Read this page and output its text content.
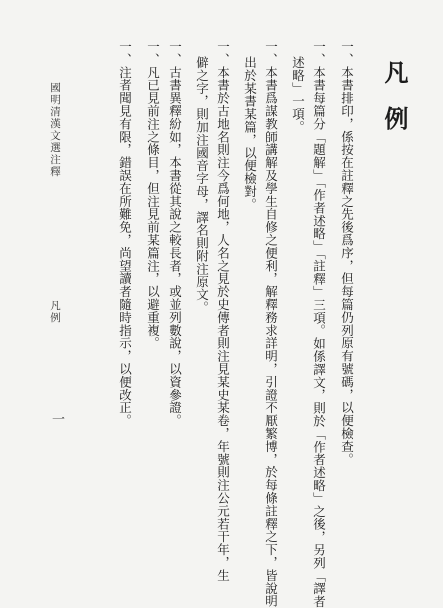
凡例
一、本書排印，係按在註釋之先後爲序，但每篇仍列原有號碼，以便檢查。
一、本書每篇分「題解」「作者述略」「註釋」三項。如係譯文，則於「作者述略」之後，另列「譯者
述略」一項。
一、本書爲謀教師講解及學生自修之便利，解釋務求詳明，引證不厭繁博，於每條註釋之下，皆說明
出於某書某篇，以便檢對。
一、本書於古地名則注今爲何地，人名之見於史傳者則注見某史某卷，年號則注公元若干年，生
僻之字，則加注國音字母，譯名則附注原文。
一、古書異釋紛如，本書從其說之較長者，或並列數說，以資參證。
一、凡已見前注之條目，但注見前某篇注，以避重複。
一、注者聞見有限，錯誤在所難免，尚望讀者隨時指示，以便改正。
國明清漢文選注釋
凡例
一
